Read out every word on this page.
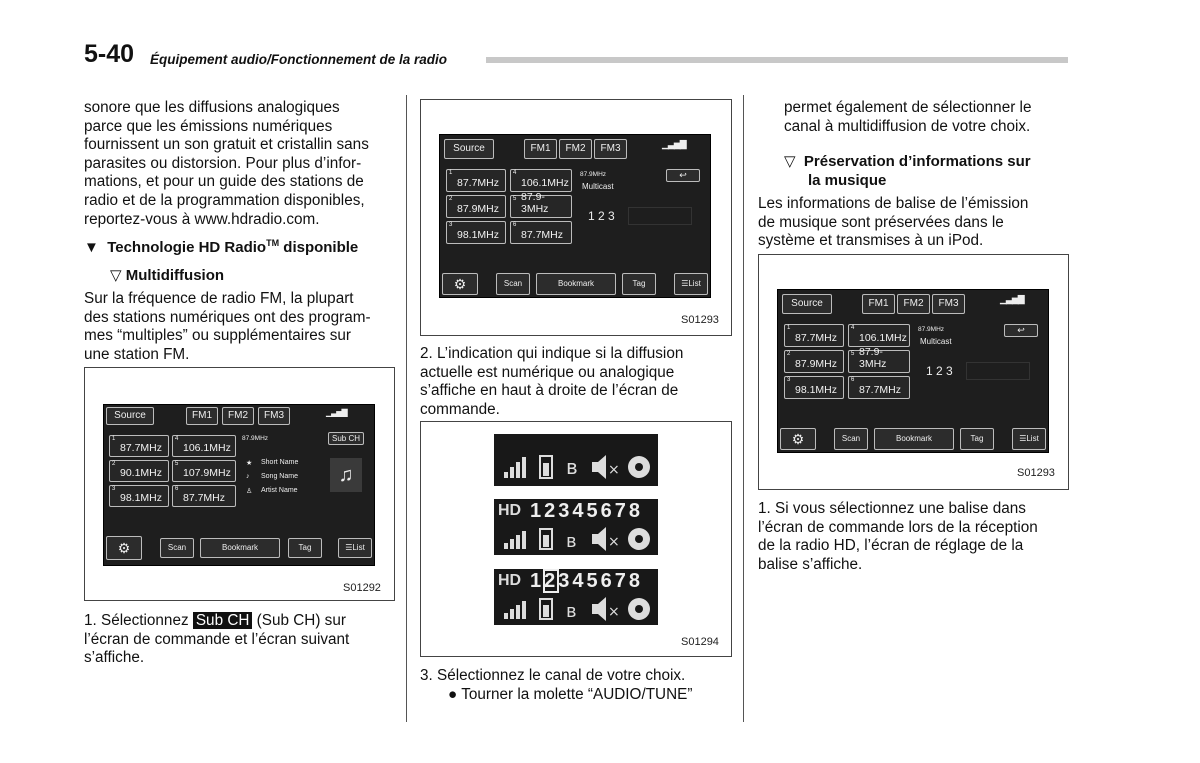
5-40 Équipement audio/Fonctionnement de la radio

sonore que les diffusions analogiques

parce que les émissions numériques

fournissent un son gratuit et cristallin sans

parasites ou distorsion. Pour plus d’infor-

mations, et pour un guide des stations de

radio et de la programmation disponibles,

reportez-vous à www.hdradio.com.

▼ Technologie HD Radio™ disponible
▽ Multidiffusion

Sur la fréquence de radio FM, la plupart

des stations numériques ont des program-

mes “multiples” ou supplémentaires sur

une station FM.

Source	FM1	FM2	FM3	▁▃▅▇
1
87.7MHz
2
90.1MHz
3
98.1MHz
4
106.1MHz
5
107.9MHz
6
87.7MHz
87.9MHz	Sub CH
★ Short Name
♪ Song Name
♙ Artist Name
♫
⚙	Scan	Bookmark	Tag	☰List
S01292

1. Sélectionnez Sub CH (Sub CH) sur

l’écran de commande et l’écran suivant

s’affiche.

Source	FM1	FM2	FM3	▁▃▅▇
1
87.7MHz
2
87.9MHz
3
98.1MHz
4
106.1MHz
5 87.9-3MHz
6
87.7MHz
87.9MHz
Multicast
↩
1 2 3
⚙	Scan	Bookmark	Tag	☰List
S01293

2. L’indication qui indique si la diffusion

actuelle est numérique ou analogique

s’affiche en haut à droite de l’écran de

commande.

ʙ ×
HD 12345678
×
ʙ
HD 12345678
×
ʙ
S01294

3. Sélectionnez le canal de votre choix.

● Tourner la molette “AUDIO/TUNE”

permet également de sélectionner le

canal à multidiffusion de votre choix.

▽ Préservation d’informations sur
la musique

Les informations de balise de l’émission

de musique sont préservées dans le

système et transmises à un iPod.

Source	FM1	FM2	FM3	▁▃▅▇
1
87.7MHz
2
87.9MHz
3
98.1MHz
4
106.1MHz
5 87.9-3MHz
6
87.7MHz
87.9MHz
Multicast
↩
1 2 3
⚙	Scan	Bookmark	Tag	☰List
S01293

1. Si vous sélectionnez une balise dans

l’écran de commande lors de la réception

de la radio HD, l’écran de réglage de la

balise s’affiche.
